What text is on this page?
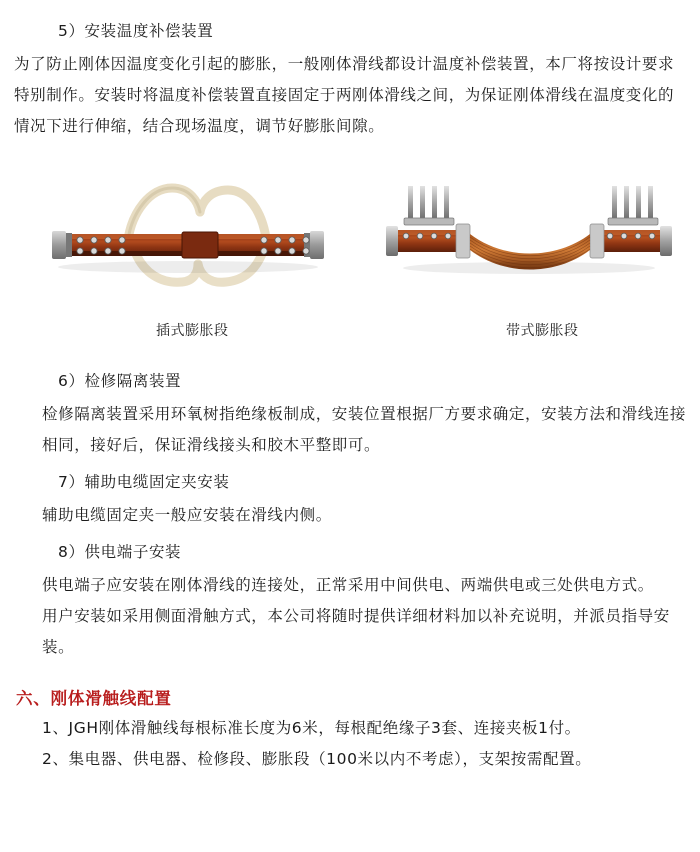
5）安装温度补偿装置
为了防止刚体因温度变化引起的膨胀，一般刚体滑线都设计温度补偿装置，本厂将按设计要求特别制作。安装时将温度补偿装置直接固定于两刚体滑线之间，为保证刚体滑线在温度变化的情况下进行伸缩，结合现场温度，调节好膨胀间隙。
插式膨胀段	带式膨胀段
6）检修隔离装置
检修隔离装置采用环氧树指绝缘板制成，安装位置根据厂方要求确定，安装方法和滑线连接相同，接好后，保证滑线接头和胶木平整即可。
7）辅助电缆固定夹安装
辅助电缆固定夹一般应安装在滑线内侧。
8）供电端子安装
供电端子应安装在刚体滑线的连接处，正常采用中间供电、两端供电或三处供电方式。
用户安装如采用侧面滑触方式，本公司将随时提供详细材料加以补充说明，并派员指导安装。
六、刚体滑触线配置
1、JGH刚体滑触线每根标准长度为6米，每根配绝缘子3套、连接夹板1付。
2、集电器、供电器、检修段、膨胀段（100米以内不考虑），支架按需配置。
